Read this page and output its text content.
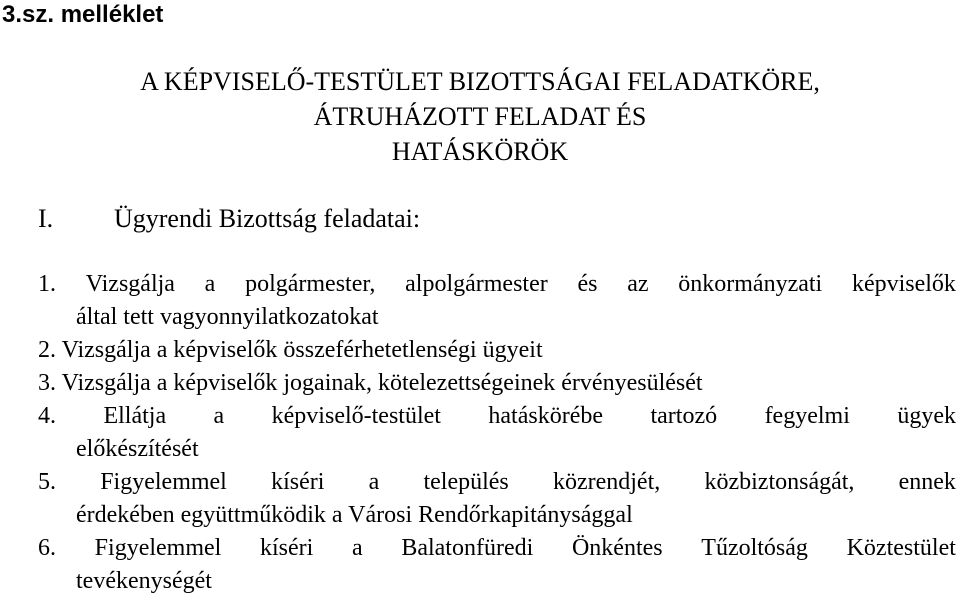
3.sz. melléklet
A KÉPVISELŐ-TESTÜLET BIZOTTSÁGAI FELADATKÖRE,
ÁTRUHÁZOTT FELADAT ÉS
HATÁSKÖRÖK
I. Ügyrendi Bizottság feladatai:
1. Vizsgálja a polgármester, alpolgármester és az önkormányzati képviselők
által tett vagyonnyilatkozatokat
2. Vizsgálja a képviselők összeférhetetlenségi ügyeit
3. Vizsgálja a képviselők jogainak, kötelezettségeinek érvényesülését
4. Ellátja a képviselő-testület hatáskörébe tartozó fegyelmi ügyek
előkészítését
5. Figyelemmel kíséri a település közrendjét, közbiztonságát, ennek
érdekében együttműködik a Városi Rendőrkapitánysággal
6. Figyelemmel kíséri a Balatonfüredi Önkéntes Tűzoltóság Köztestület
tevékenységét
